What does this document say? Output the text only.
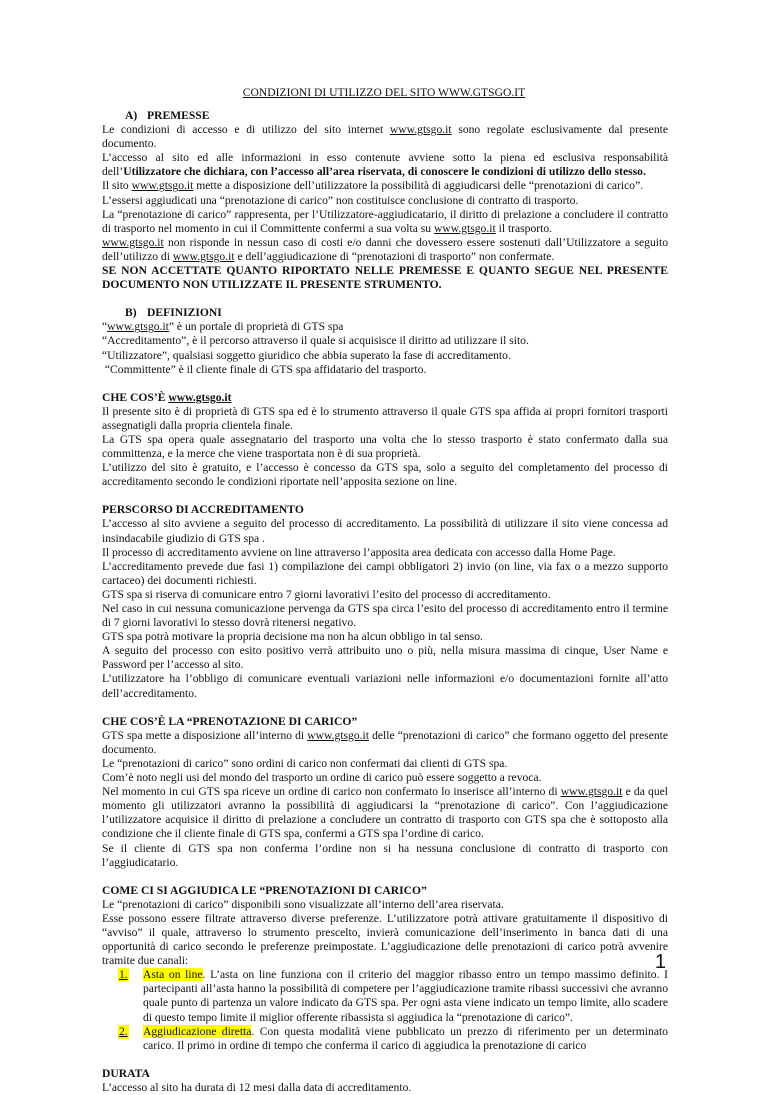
CONDIZIONI DI UTILIZZO DEL SITO WWW.GTSGO.IT

A) PREMESSE

Le condizioni di accesso e di utilizzo del sito internet www.gtsgo.it sono regolate esclusivamente dal presente documento.

L’accesso al sito ed alle informazioni in esso contenute avviene sotto la piena ed esclusiva responsabilità dell’Utilizzatore che dichiara, con l’accesso all’area riservata, di conoscere le condizioni di utilizzo dello stesso.

Il sito www.gtsgo.it mette a disposizione dell’utilizzatore la possibilità di aggiudicarsi delle “prenotazioni di carico”.

L’essersi aggiudicati una “prenotazione di carico” non costituisce conclusione di contratto di trasporto.

La “prenotazione di carico” rappresenta, per l’Utilizzatore-aggiudicatario, il diritto di prelazione a concludere il contratto di trasporto nel momento in cui il Committente confermi a sua volta su www.gtsgo.it il trasporto.

www.gtsgo.it non risponde in nessun caso di costi e/o danni che dovessero essere sostenuti dall’Utilizzatore a seguito dell’utilizzo di www.gtsgo.it e dell’aggiudicazione di “prenotazioni di trasporto” non confermate.

SE NON ACCETTATE QUANTO RIPORTATO NELLE PREMESSE E QUANTO SEGUE NEL PRESENTE DOCUMENTO NON UTILIZZATE IL PRESENTE STRUMENTO.

B) DEFINIZIONI

“www.gtsgo.it” è un portale di proprietà di GTS spa

“Accreditamento”, è il percorso attraverso il quale si acquisisce il diritto ad utilizzare il sito.

“Utilizzatore”, qualsiasi soggetto giuridico che abbia superato la fase di accreditamento.

“Committente” è il cliente finale di GTS spa affidatario del trasporto.

CHE COS’È www.gtsgo.it

Il presente sito è di proprietà di GTS spa ed è lo strumento attraverso il quale GTS spa affida ai propri fornitori trasporti assegnatigli dalla propria clientela finale.

La GTS spa opera quale assegnatario del trasporto una volta che lo stesso trasporto è stato confermato dalla sua committenza, e la merce che viene trasportata non è di sua proprietà.

L’utilizzo del sito è gratuito, e l’accesso è concesso da GTS spa, solo a seguito del completamento del processo di accreditamento secondo le condizioni riportate nell’apposita sezione on line.

PERSCORSO DI ACCREDITAMENTO

L’accesso al sito avviene a seguito del processo di accreditamento. La possibilità di utilizzare il sito viene concessa ad insindacabile giudizio di GTS spa .

Il processo di accreditamento avviene on line attraverso l’apposita area dedicata con accesso dalla Home Page.

L’accreditamento prevede due fasi 1) compilazione dei campi obbligatori 2) invio (on line, via fax o a mezzo supporto cartaceo) dei documenti richiesti.

GTS spa si riserva di comunicare entro 7 giorni lavorativi l’esito del processo di accreditamento.

Nel caso in cui nessuna comunicazione pervenga da GTS spa circa l’esito del processo di accreditamento entro il termine di 7 giorni lavorativi lo stesso dovrà ritenersi negativo.

GTS spa potrà motivare la propria decisione ma non ha alcun obbligo in tal senso.

A seguito del processo con esito positivo verrà attribuito uno o più, nella misura massima di cinque, User Name e Password per l’accesso al sito.

L’utilizzatore ha l’obbligo di comunicare eventuali variazioni nelle informazioni e/o documentazioni fornite all’atto dell’accreditamento.

CHE COS’È LA “PRENOTAZIONE DI CARICO”

GTS spa mette a disposizione all’interno di www.gtsgo.it delle “prenotazioni di carico” che formano oggetto del presente documento.

Le “prenotazioni di carico” sono ordini di carico non confermati dai clienti di GTS spa.

Com’è noto negli usi del mondo del trasporto un ordine di carico può essere soggetto a revoca.

Nel momento in cui GTS spa riceve un ordine di carico non confermato lo inserisce all’interno di www.gtsgo.it e da quel momento gli utilizzatori avranno la possibilità di aggiudicarsi la “prenotazione di carico”. Con l’aggiudicazione l’utilizzatore acquisice il diritto di prelazione a concludere un contratto di trasporto con GTS spa che è sottoposto alla condizione che il cliente finale di GTS spa, confermi a GTS spa l’ordine di carico.

Se il cliente di GTS spa non conferma l’ordine non si ha nessuna conclusione di contratto di trasporto con l’aggiudicatario.

COME CI SI AGGIUDICA LE “PRENOTAZIONI DI CARICO”

Le “prenotazioni di carico” disponibili sono visualizzate all’interno dell’area riservata.

Esse possono essere filtrate attraverso diverse preferenze. L’utilizzatore potrà attivare gratuitamente il dispositivo di “avviso” il quale, attraverso lo strumento prescelto, invierà comunicazione dell’inserimento in banca dati di una opportunità di carico secondo le preferenze preimpostate. L’aggiudicazione delle prenotazioni di carico potrà avvenire tramite due canali:

1. Asta on line. L’asta on line funziona con il criterio del maggior ribasso entro un tempo massimo definito. I partecipanti all’asta hanno la possibilità di competere per l’aggiudicazione tramite ribassi successivi che avranno quale punto di partenza un valore indicato da GTS spa. Per ogni asta viene indicato un tempo limite, allo scadere di questo tempo limite il miglior offerente ribassista si aggiudica la “prenotazione di carico”.
2. Aggiudicazione diretta. Con questa modalità viene pubblicato un prezzo di riferimento per un determinato carico. Il primo in ordine di tempo che conferma il carico di aggiudica la prenotazione di carico

DURATA

L’accesso al sito ha durata di 12 mesi dalla data di accreditamento.

1
